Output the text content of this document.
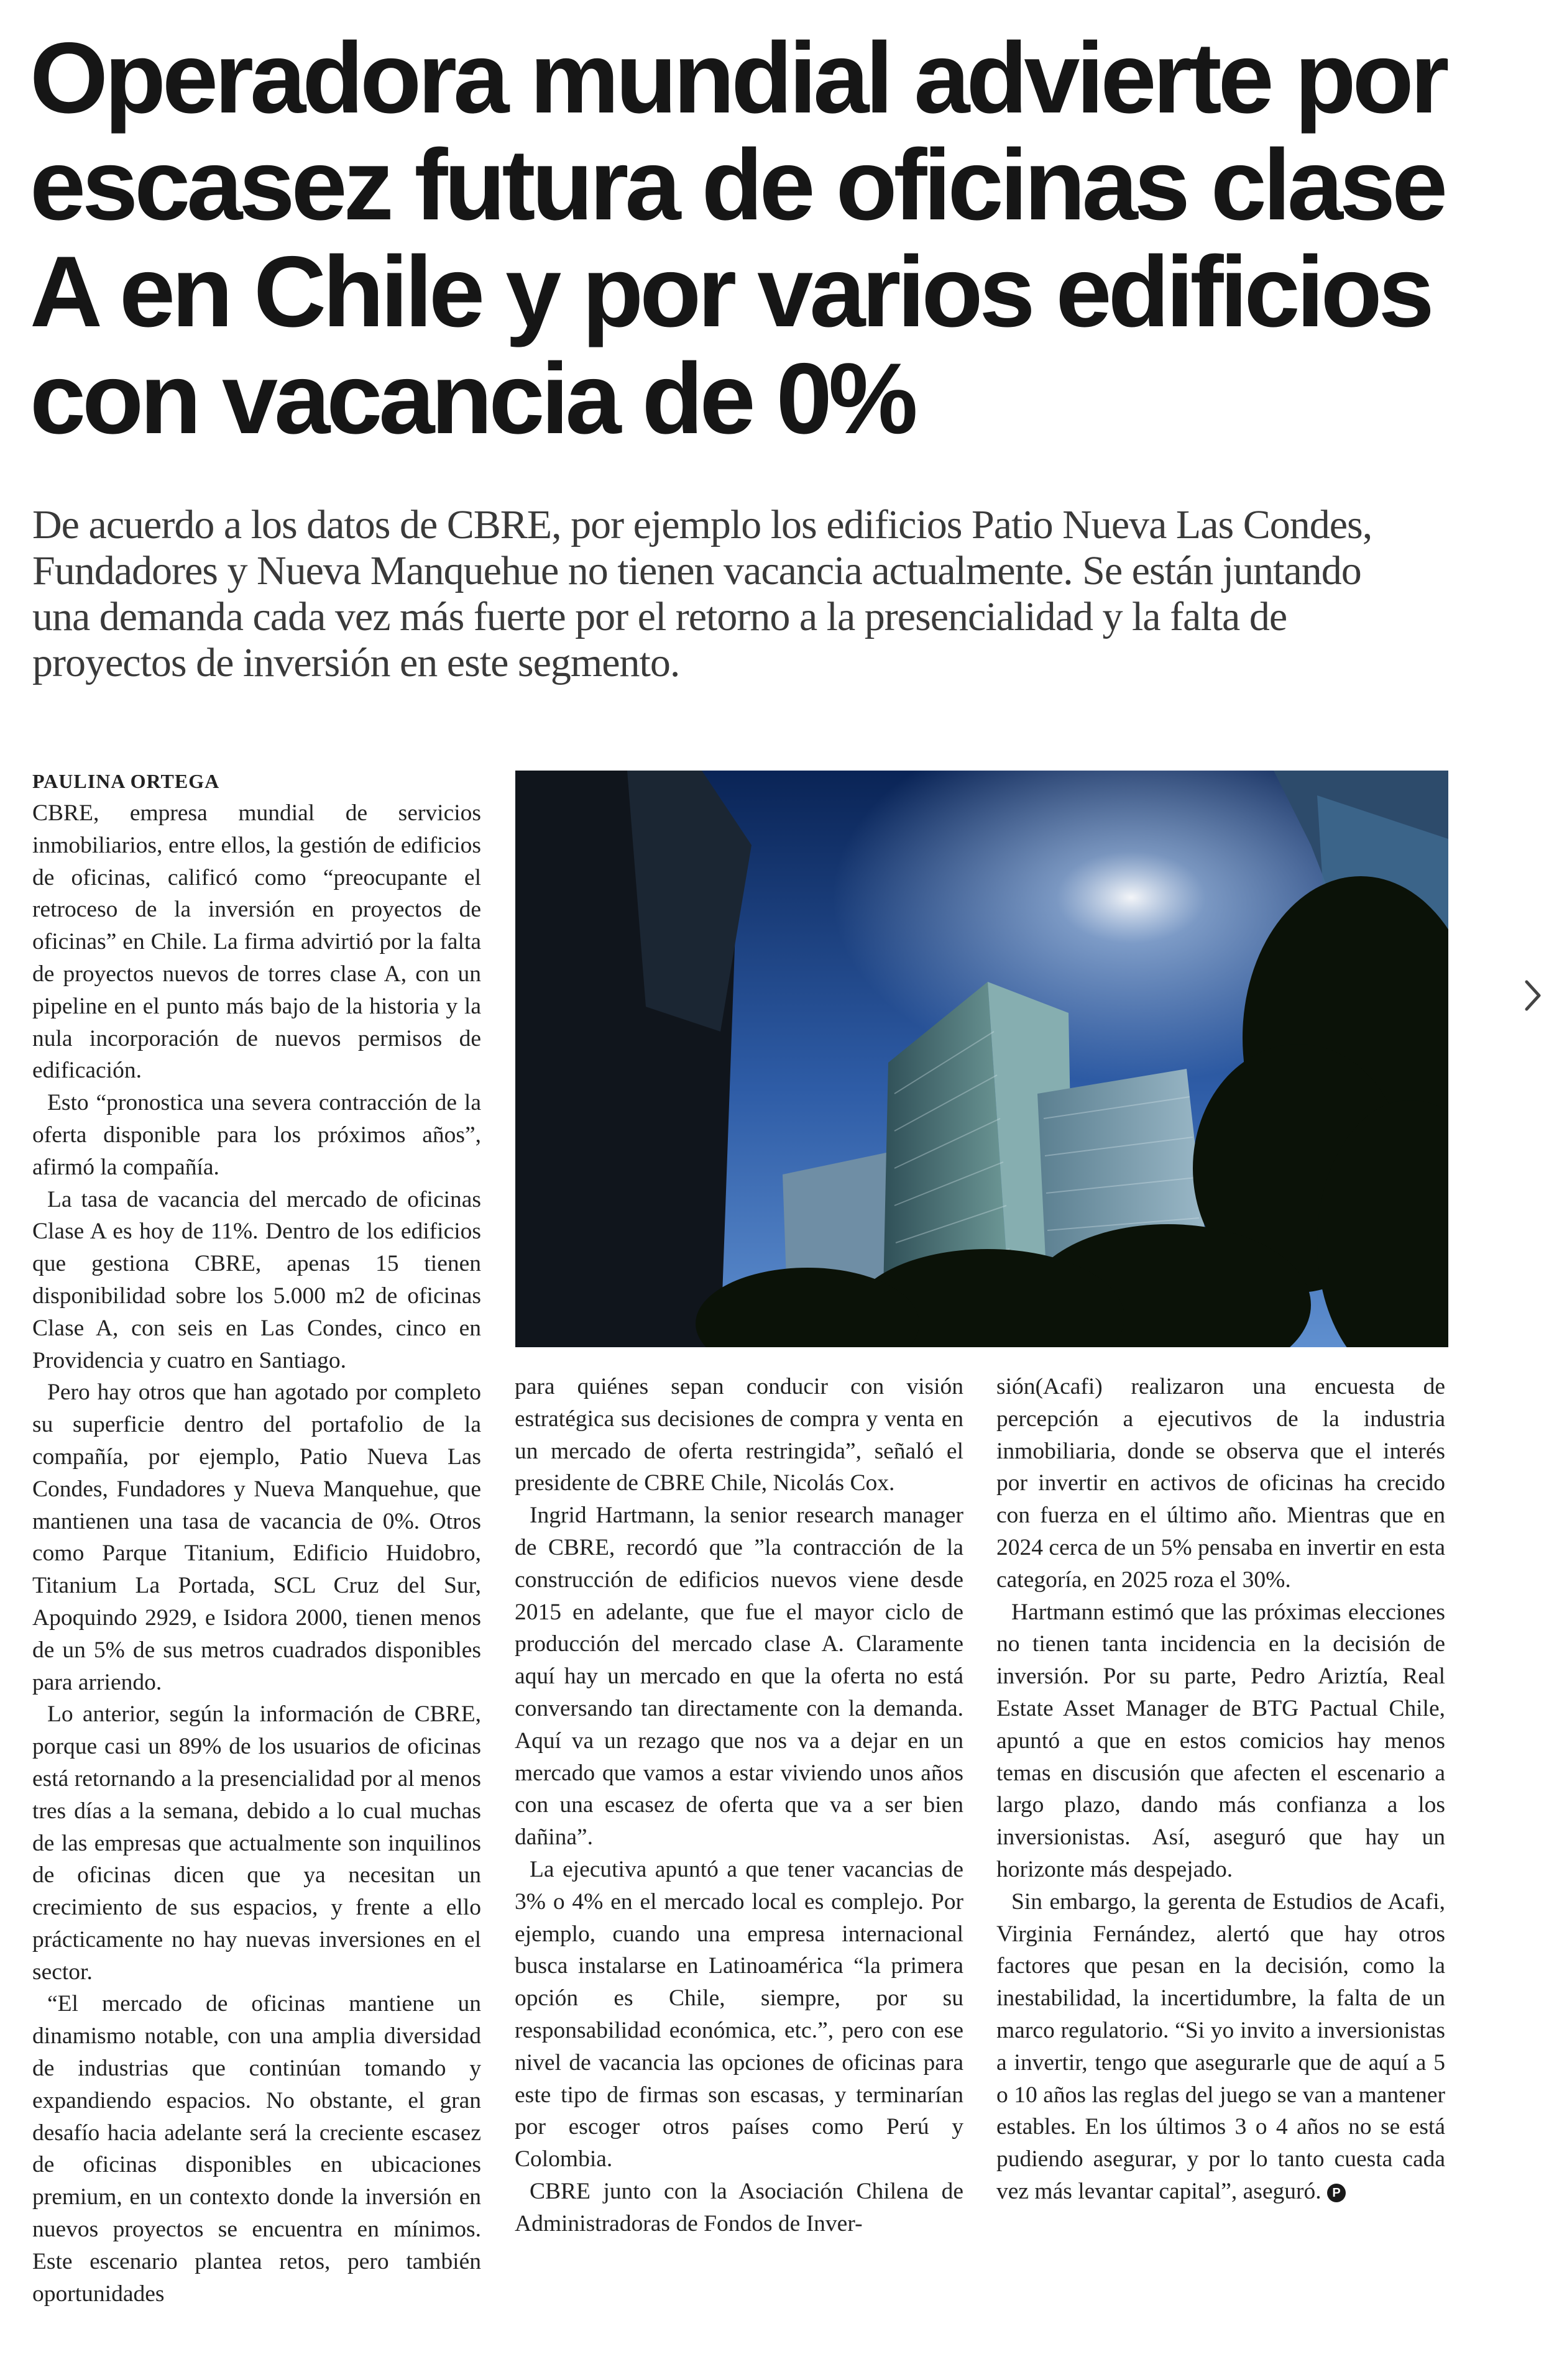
Operadora mundial advierte por escasez futura de oficinas clase A en Chile y por varios edificios con vacancia de 0%

De acuerdo a los datos de CBRE, por ejemplo los edificios Patio Nueva Las Condes, Fundadores y Nueva Manquehue no tienen vacancia actualmente. Se están juntando una demanda cada vez más fuerte por el retorno a la presencialidad y la falta de proyectos de inversión en este segmento.

PAULINA ORTEGA

CBRE, empresa mundial de servicios inmobiliarios, entre ellos, la gestión de edificios de oficinas, calificó como “preocupante el retroceso de la inversión en proyectos de oficinas” en Chile. La firma advirtió por la falta de proyectos nuevos de torres clase A, con un pipeline en el punto más bajo de la historia y la nula incorporación de nuevos permisos de edificación.

Esto “pronostica una severa contracción de la oferta disponible para los próximos años”, afirmó la compañía.

La tasa de vacancia del mercado de oficinas Clase A es hoy de 11%. Dentro de los edificios que gestiona CBRE, apenas 15 tienen disponibilidad sobre los 5.000 m2 de oficinas Clase A, con seis en Las Condes, cinco en Providencia y cuatro en Santiago.

Pero hay otros que han agotado por completo su superficie dentro del portafolio de la compañía, por ejemplo, Patio Nueva Las Condes, Fundadores y Nueva Manquehue, que mantienen una tasa de vacancia de 0%. Otros como Parque Titanium, Edificio Huidobro, Titanium La Portada, SCL Cruz del Sur, Apoquindo 2929, e Isidora 2000, tienen menos de un 5% de sus metros cuadrados disponibles para arriendo.

Lo anterior, según la información de CBRE, porque casi un 89% de los usuarios de oficinas está retornando a la presencialidad por al menos tres días a la semana, debido a lo cual muchas de las empresas que actualmente son inquilinos de oficinas dicen que ya necesitan un crecimiento de sus espacios, y frente a ello prácticamente no hay nuevas inversiones en el sector.

“El mercado de oficinas mantiene un dinamismo notable, con una amplia diversidad de industrias que continúan tomando y expandiendo espacios. No obstante, el gran desafío hacia adelante será la creciente escasez de oficinas disponibles en ubicaciones premium, en un contexto donde la inversión en nuevos proyectos se encuentra en mínimos. Este escenario plantea retos, pero también oportunidades

para quiénes sepan conducir con visión estratégica sus decisiones de compra y venta en un mercado de oferta restringida”, señaló el presidente de CBRE Chile, Nicolás Cox.

Ingrid Hartmann, la senior research manager de CBRE, recordó que ”la contracción de la construcción de edificios nuevos viene desde 2015 en adelante, que fue el mayor ciclo de producción del mercado clase A. Claramente aquí hay un mercado en que la oferta no está conversando tan directamente con la demanda. Aquí va un rezago que nos va a dejar en un mercado que vamos a estar viviendo unos años con una escasez de oferta que va a ser bien dañina”.

La ejecutiva apuntó a que tener vacancias de 3% o 4% en el mercado local es complejo. Por ejemplo, cuando una empresa internacional busca instalarse en Latinoamérica “la primera opción es Chile, siempre, por su responsabilidad económica, etc.”, pero con ese nivel de vacancia las opciones de oficinas para este tipo de firmas son escasas, y terminarían por escoger otros países como Perú y Colombia.

CBRE junto con la Asociación Chilena de Administradoras de Fondos de Inver-

sión(Acafi) realizaron una encuesta de percepción a ejecutivos de la industria inmobiliaria, donde se observa que el interés por invertir en activos de oficinas ha crecido con fuerza en el último año. Mientras que en 2024 cerca de un 5% pensaba en invertir en esta categoría, en 2025 roza el 30%.

Hartmann estimó que las próximas elecciones no tienen tanta incidencia en la decisión de inversión. Por su parte, Pedro Ariztía, Real Estate Asset Manager de BTG Pactual Chile, apuntó a que en estos comicios hay menos temas en discusión que afecten el escenario a largo plazo, dando más confianza a los inversionistas. Así, aseguró que hay un horizonte más despejado.

Sin embargo, la gerenta de Estudios de Acafi, Virginia Fernández, alertó que hay otros factores que pesan en la decisión, como la inestabilidad, la incertidumbre, la falta de un marco regulatorio. “Si yo invito a inversionistas a invertir, tengo que asegurarle que de aquí a 5 o 10 años las reglas del juego se van a mantener estables. En los últimos 3 o 4 años no se está pudiendo asegurar, y por lo tanto cuesta cada vez más levantar capital”, aseguró. P
